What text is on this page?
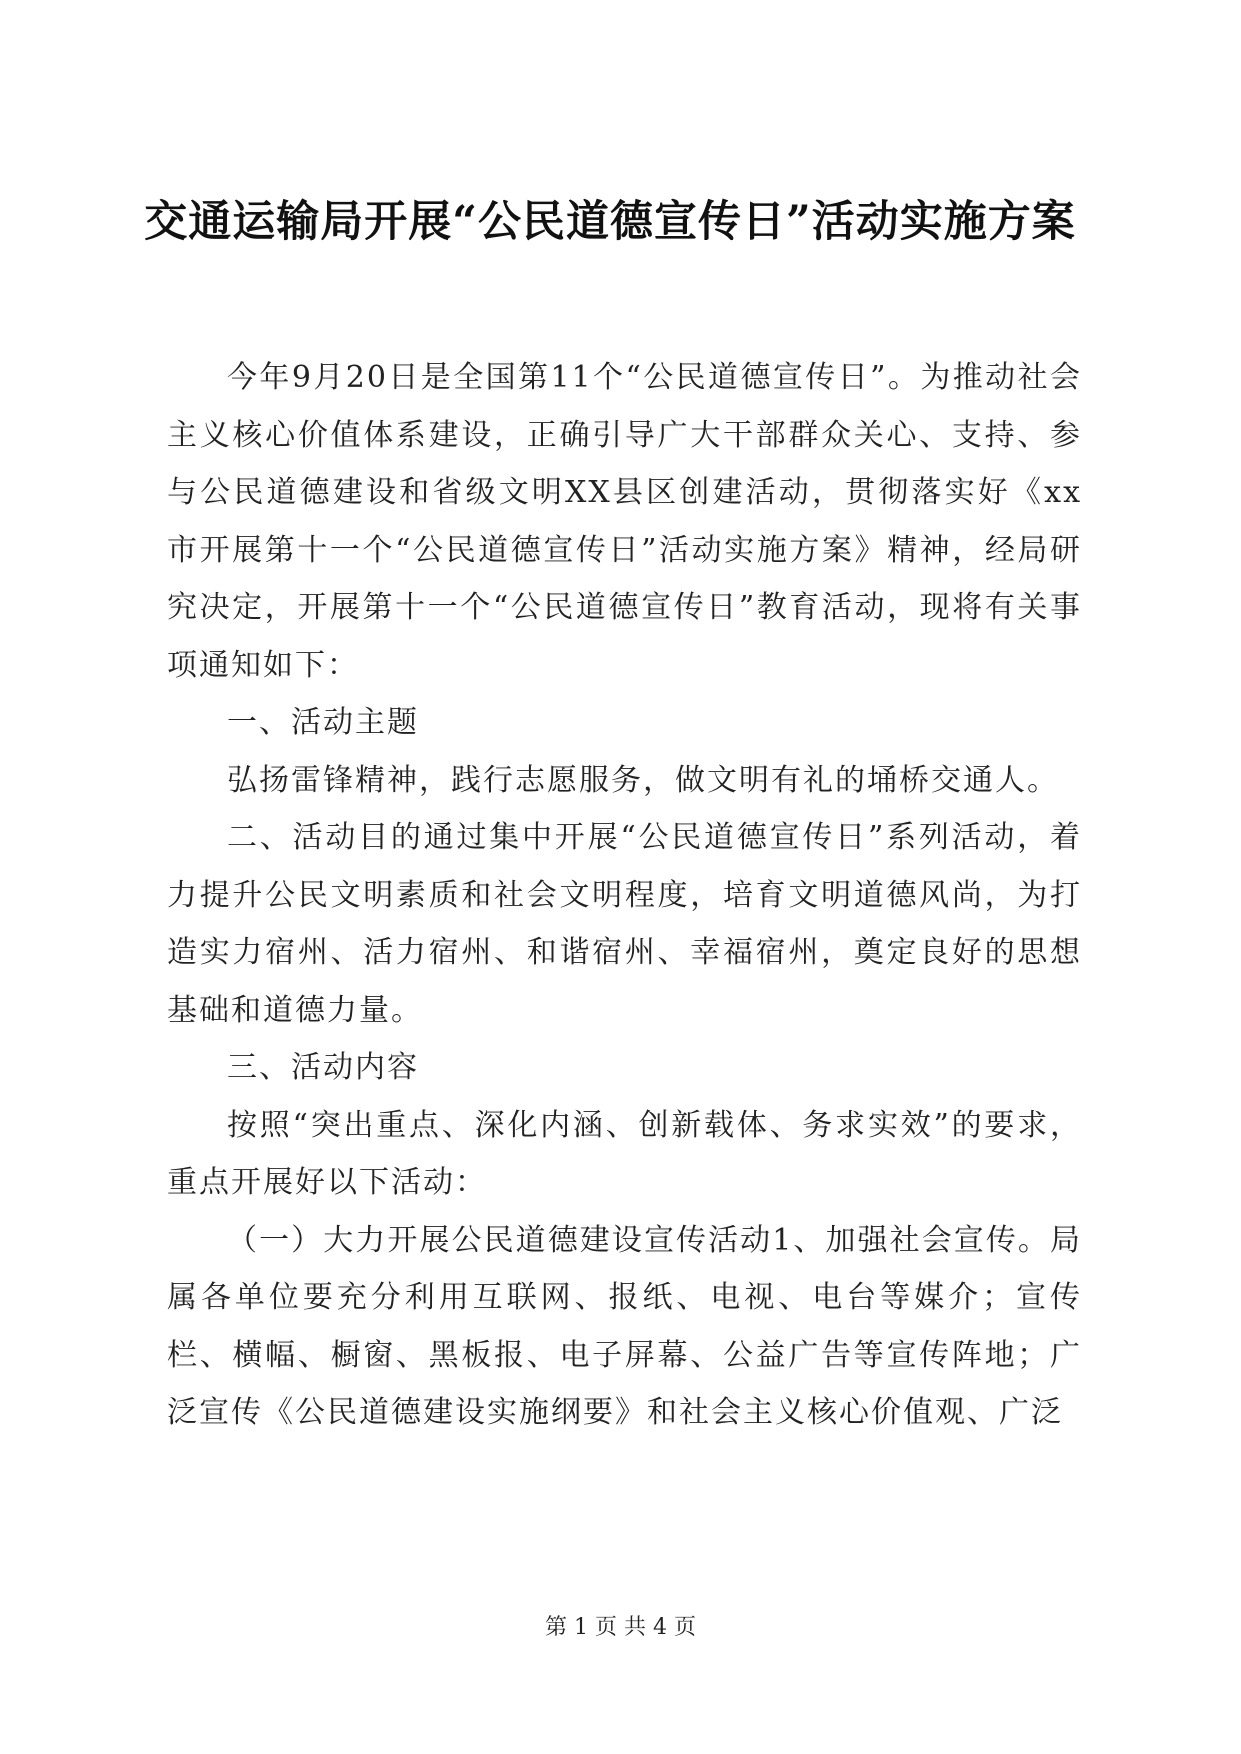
交通运输局开展“公民道德宣传日”活动实施方案

今年9月20日是全国第11个“公民道德宣传日”。为推动社会主义核心价值体系建设，正确引导广大干部群众关心、支持、参与公民道德建设和省级文明XX县区创建活动，贯彻落实好《xx市开展第十一个“公民道德宣传日”活动实施方案》精神，经局研究决定，开展第十一个“公民道德宣传日”教育活动，现将有关事项通知如下：

一、活动主题

弘扬雷锋精神，践行志愿服务，做文明有礼的埇桥交通人。

二、活动目的通过集中开展“公民道德宣传日”系列活动，着力提升公民文明素质和社会文明程度，培育文明道德风尚，为打造实力宿州、活力宿州、和谐宿州、幸福宿州，奠定良好的思想基础和道德力量。

三、活动内容

按照“突出重点、深化内涵、创新载体、务求实效”的要求，重点开展好以下活动：

（一）大力开展公民道德建设宣传活动1、加强社会宣传。局属各单位要充分利用互联网、报纸、电视、电台等媒介；宣传栏、横幅、橱窗、黑板报、电子屏幕、公益广告等宣传阵地；广泛宣传《公民道德建设实施纲要》和社会主义核心价值观、广泛

第 1 页 共 4 页
